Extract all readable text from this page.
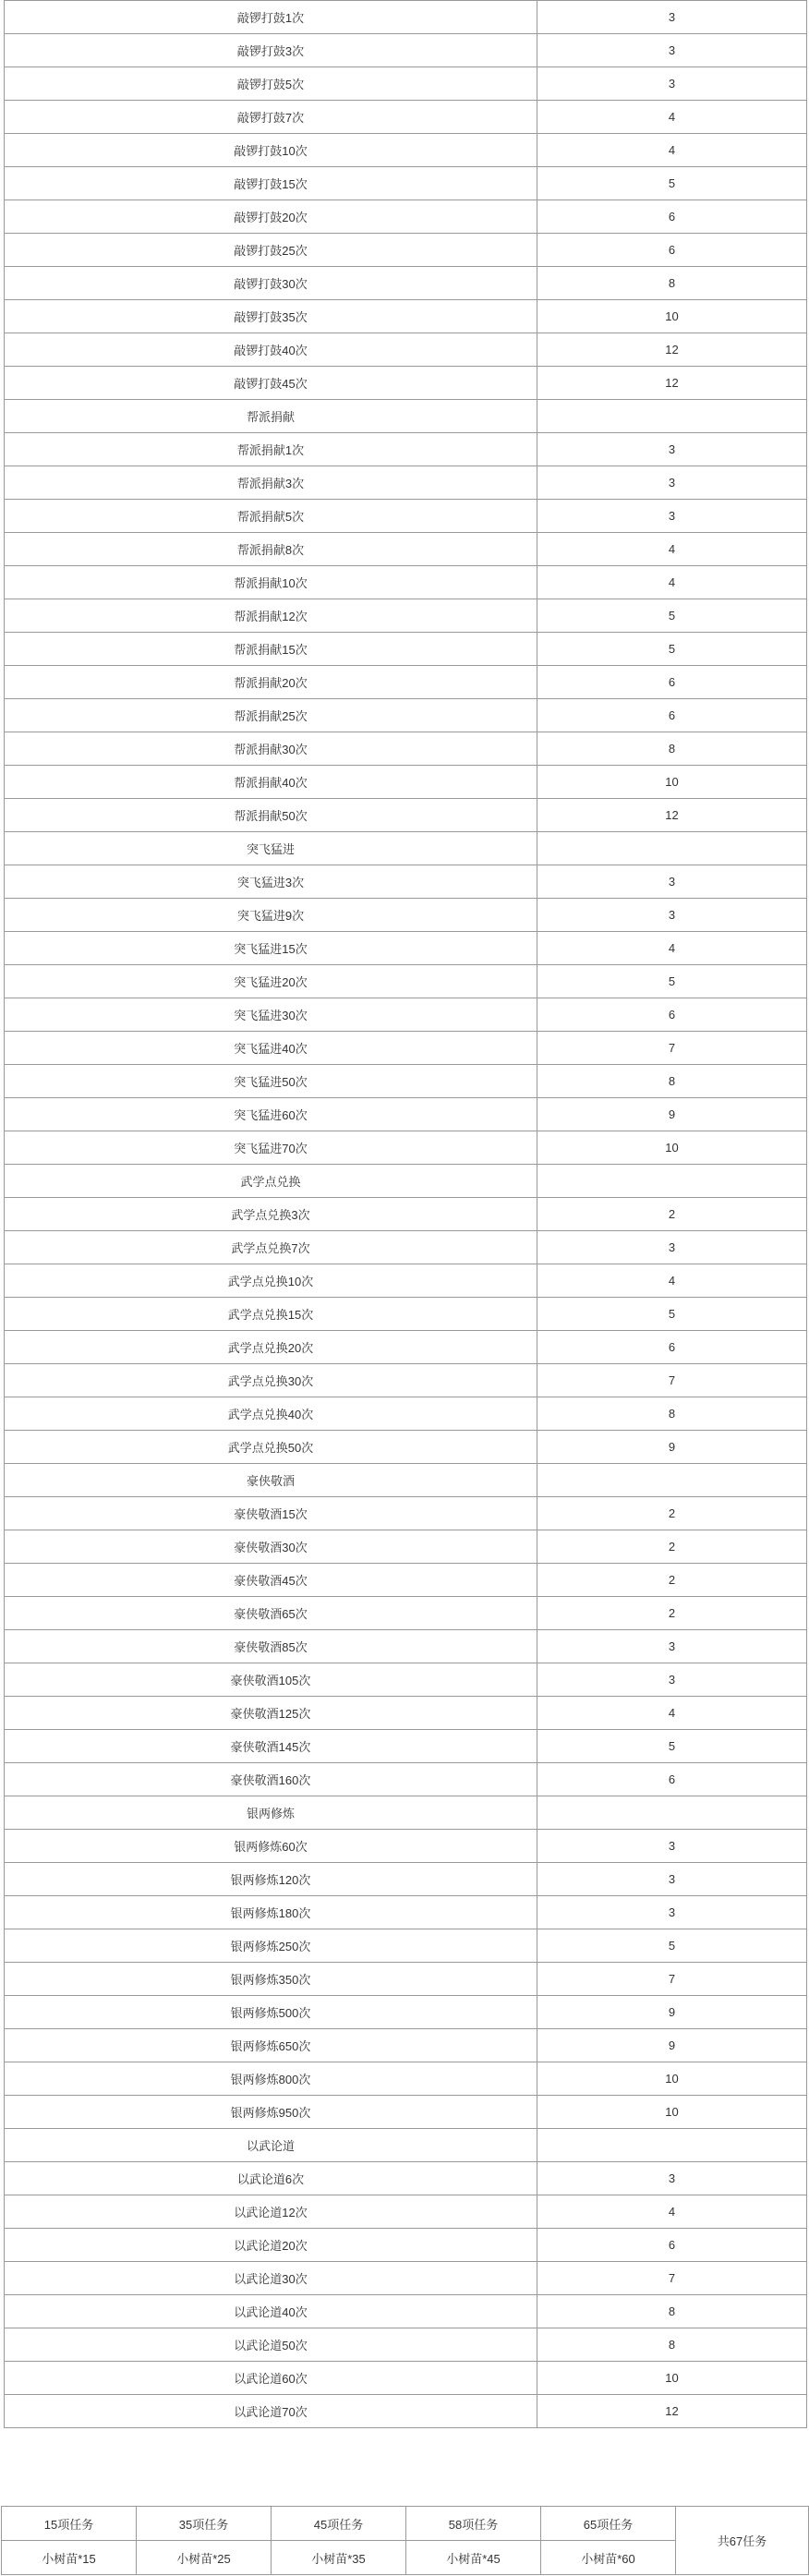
敲锣打鼓1次	3
敲锣打鼓3次	3
敲锣打鼓5次	3
敲锣打鼓7次	4
敲锣打鼓10次	4
敲锣打鼓15次	5
敲锣打鼓20次	6
敲锣打鼓25次	6
敲锣打鼓30次	8
敲锣打鼓35次	10
敲锣打鼓40次	12
敲锣打鼓45次	12
帮派捐献	
帮派捐献1次	3
帮派捐献3次	3
帮派捐献5次	3
帮派捐献8次	4
帮派捐献10次	4
帮派捐献12次	5
帮派捐献15次	5
帮派捐献20次	6
帮派捐献25次	6
帮派捐献30次	8
帮派捐献40次	10
帮派捐献50次	12
突飞猛进	
突飞猛进3次	3
突飞猛进9次	3
突飞猛进15次	4
突飞猛进20次	5
突飞猛进30次	6
突飞猛进40次	7
突飞猛进50次	8
突飞猛进60次	9
突飞猛进70次	10
武学点兑换	
武学点兑换3次	2
武学点兑换7次	3
武学点兑换10次	4
武学点兑换15次	5
武学点兑换20次	6
武学点兑换30次	7
武学点兑换40次	8
武学点兑换50次	9
豪侠敬酒	
豪侠敬酒15次	2
豪侠敬酒30次	2
豪侠敬酒45次	2
豪侠敬酒65次	2
豪侠敬酒85次	3
豪侠敬酒105次	3
豪侠敬酒125次	4
豪侠敬酒145次	5
豪侠敬酒160次	6
银两修炼	
银两修炼60次	3
银两修炼120次	3
银两修炼180次	3
银两修炼250次	5
银两修炼350次	7
银两修炼500次	9
银两修炼650次	9
银两修炼800次	10
银两修炼950次	10
以武论道	
以武论道6次	3
以武论道12次	4
以武论道20次	6
以武论道30次	7
以武论道40次	8
以武论道50次	8
以武论道60次	10
以武论道70次	12
15项任务	35项任务	45项任务	58项任务	65项任务	共67任务
小树苗*15	小树苗*25	小树苗*35	小树苗*45	小树苗*60	
